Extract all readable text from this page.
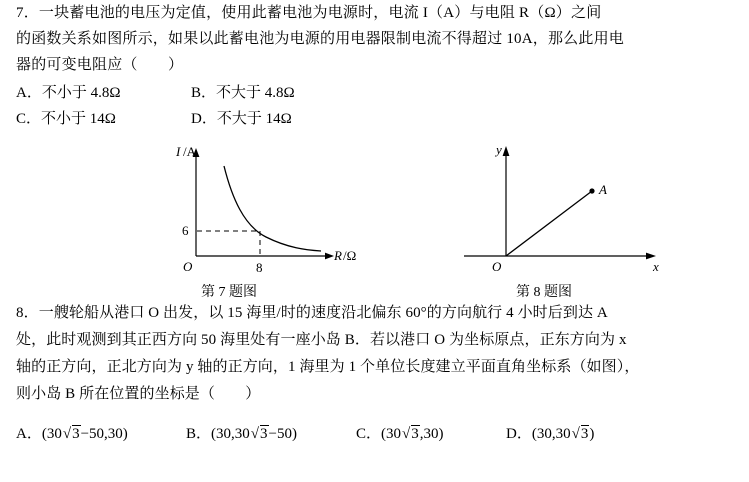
7．一块蓄电池的电压为定值，使用此蓄电池为电源时，电流 I（A）与电阻 R（Ω）之间
的函数关系如图所示，如果以此蓄电池为电源的用电器限制电流不得超过 10A，那么此用电
器的可变电阻应（　　）
A．不小于 4.8Ω	B．不大于 4.8Ω
C．不小于 14Ω	D．不大于 14Ω
I /A
R /Ω
6
8
O
y
x
O
A
第 7 题图	第 8 题图
8．一艘轮船从港口 O 出发，以 15 海里/时的速度沿北偏东 60°的方向航行 4 小时后到达 A
处，此时观测到其正西方向 50 海里处有一座小岛 B．若以港口 O 为坐标原点，正东方向为 x
轴的正方向，正北方向为 y 轴的正方向，1 海里为 1 个单位长度建立平面直角坐标系（如图），
则小岛 B 所在位置的坐标是（　　）
A．(30√3−50,30)	B．(30,30√3−50)	C．(30√3,30)	D．(30,30√3)
